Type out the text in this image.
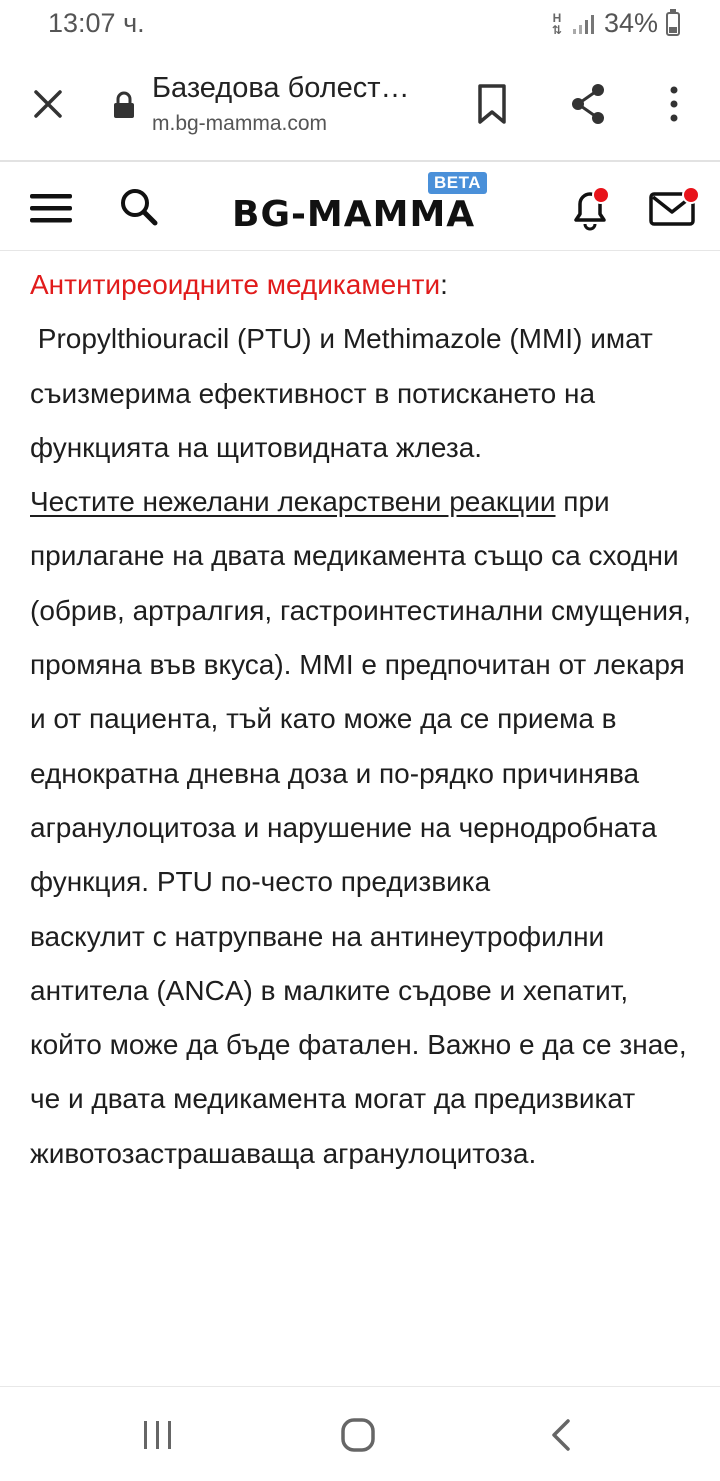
13:07 ч.	H
⇅ 34%
Базедова болест…
m.bg-mamma.com
BG-MAMMA
BETA

Антитиреоидните медикаменти:

Propylthiouracil (PTU) и Methimazole (MMI) имат съизмерима ефективност в потискането на функцията на щитовидната жлеза.

Честите нежелани лекарствени реакции при прилагане на двата медикамента също са сходни (обрив, артралгия, гастроинтестинални смущения, промяна във вкуса). MMI е предпочитан от лекаря и от пациента, тъй като може да се приема в еднократна дневна доза и по-рядко причинява агранулоцитоза и нарушение на чернодробната функция. PTU по-често предизвика

васкулит с натрупване на антинеутрофилни антитела (ANCA) в малките съдове и хепатит, който може да бъде фатален. Важно е да се знае, че и двата медикамента могат да предизвикат животозастрашаваща агранулоцитоза.
